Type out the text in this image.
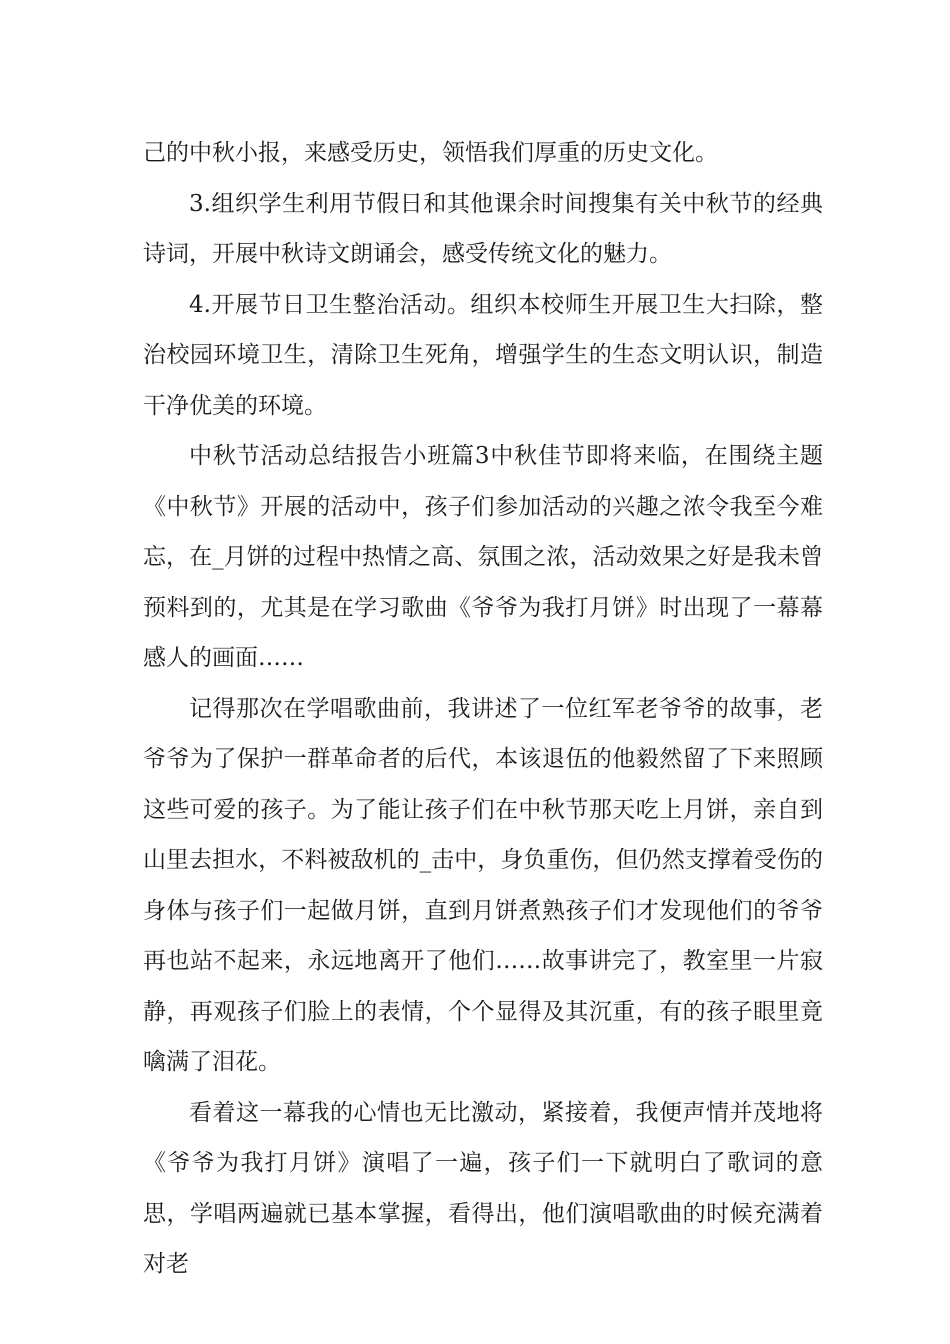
己的中秋小报，来感受历史，领悟我们厚重的历史文化。

3.组织学生利用节假日和其他课余时间搜集有关中秋节的经典诗词，开展中秋诗文朗诵会，感受传统文化的魅力。

4.开展节日卫生整治活动。组织本校师生开展卫生大扫除，整治校园环境卫生，清除卫生死角，增强学生的生态文明认识，制造干净优美的环境。

中秋节活动总结报告小班篇3中秋佳节即将来临，在围绕主题《中秋节》开展的活动中，孩子们参加活动的兴趣之浓令我至今难忘，在_月饼的过程中热情之高、氛围之浓，活动效果之好是我未曾预料到的，尤其是在学习歌曲《爷爷为我打月饼》时出现了一幕幕感人的画面……

记得那次在学唱歌曲前，我讲述了一位红军老爷爷的故事，老爷爷为了保护一群革命者的后代，本该退伍的他毅然留了下来照顾这些可爱的孩子。为了能让孩子们在中秋节那天吃上月饼，亲自到山里去担水，不料被敌机的_击中，身负重伤，但仍然支撑着受伤的身体与孩子们一起做月饼，直到月饼煮熟孩子们才发现他们的爷爷再也站不起来，永远地离开了他们……故事讲完了，教室里一片寂静，再观孩子们脸上的表情，个个显得及其沉重，有的孩子眼里竟噙满了泪花。

看着这一幕我的心情也无比激动，紧接着，我便声情并茂地将《爷爷为我打月饼》演唱了一遍，孩子们一下就明白了歌词的意思，学唱两遍就已基本掌握，看得出，他们演唱歌曲的时候充满着对老
